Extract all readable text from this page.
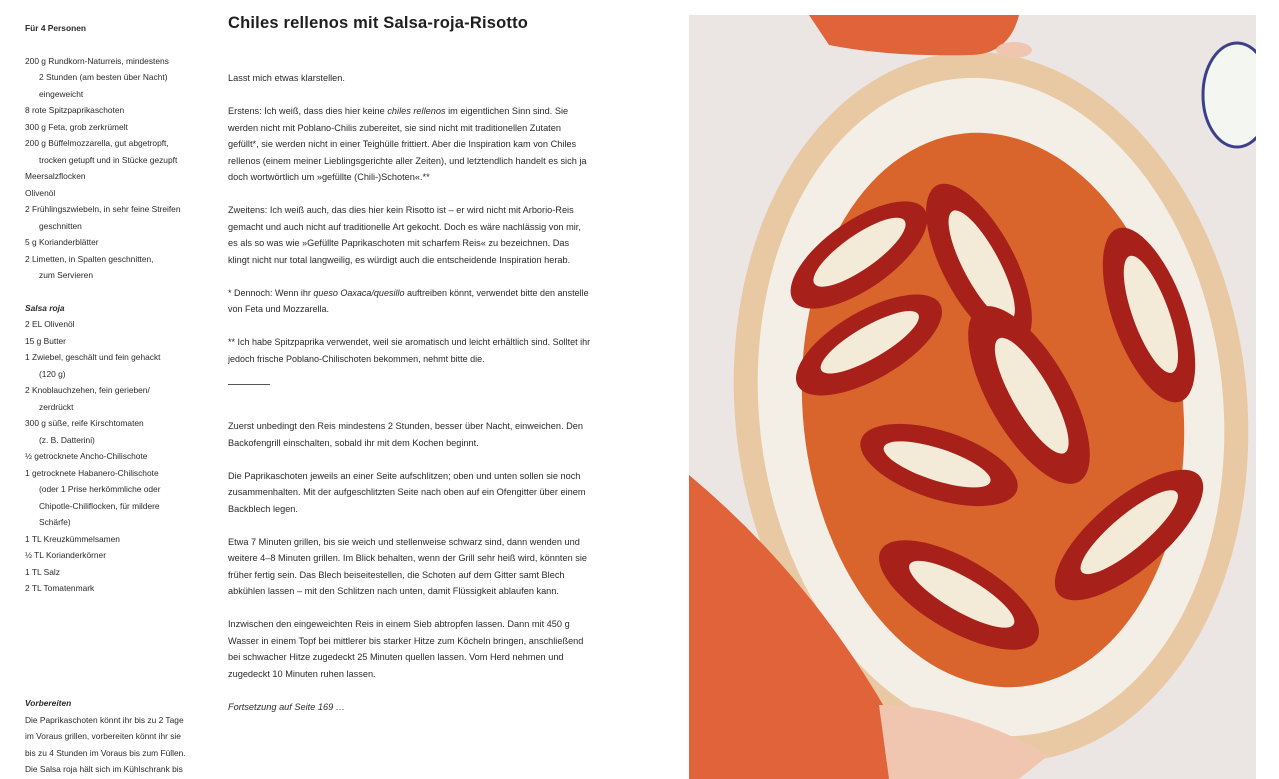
Für 4 Personen
200 g Rundkorn-Naturreis, mindestens
2 Stunden (am besten über Nacht)
eingeweicht
8 rote Spitzpaprikaschoten
300 g Feta, grob zerkrümelt
200 g Büffelmozzarella, gut abgetropft,
trocken getupft und in Stücke gezupft
Meersalzflocken
Olivenöl
2 Frühlingszwiebeln, in sehr feine Streifen
geschnitten
5 g Korianderblätter
2 Limetten, in Spalten geschnitten,
zum Servieren
Salsa roja
2 EL Olivenöl
15 g Butter
1 Zwiebel, geschält und fein gehackt
(120 g)
2 Knoblauchzehen, fein gerieben/
zerdrückt
300 g süße, reife Kirschtomaten
(z. B. Datterini)
½ getrocknete Ancho-Chilischote
1 getrocknete Habanero-Chilischote
(oder 1 Prise herkömmliche oder
Chipotle-Chiliflocken, für mildere
Schärfe)
1 TL Kreuzkümmelsamen
½ TL Korianderkörner
1 TL Salz
2 TL Tomatenmark
Vorbereiten
Die Paprikaschoten könnt ihr bis zu 2 Tage
im Voraus grillen, vorbereiten könnt ihr sie
bis zu 4 Stunden im Voraus bis zum Füllen.
Die Salsa roja hält sich im Kühlschrank bis
Chiles rellenos mit Salsa-roja-Risotto

Lasst mich etwas klarstellen.

Erstens: Ich weiß, dass dies hier keine chiles rellenos im eigentlichen Sinn sind. Sie werden nicht mit Poblano-Chilis zubereitet, sie sind nicht mit traditionellen Zutaten gefüllt*, sie werden nicht in einer Teighülle frittiert. Aber die Inspiration kam von Chiles rellenos (einem meiner Lieblingsgerichte aller Zeiten), und letztendlich handelt es sich ja doch wortwörtlich um »gefüllte (Chili-)Schoten«.**

Zweitens: Ich weiß auch, das dies hier kein Risotto ist – er wird nicht mit Arborio-Reis gemacht und auch nicht auf traditionelle Art gekocht. Doch es wäre nachlässig von mir, es als so was wie »Gefüllte Paprikaschoten mit scharfem Reis« zu bezeichnen. Das klingt nicht nur total langweilig, es würdigt auch die entscheidende Inspiration herab.

* Dennoch: Wenn ihr queso Oaxaca/quesillo auftreiben könnt, verwendet bitte den anstelle von Feta und Mozzarella.

** Ich habe Spitzpaprika verwendet, weil sie aromatisch und leicht erhältlich sind. Solltet ihr jedoch frische Poblano-Chilischoten bekommen, nehmt bitte die.

Zuerst unbedingt den Reis mindestens 2 Stunden, besser über Nacht, einweichen. Den Backofengrill einschalten, sobald ihr mit dem Kochen beginnt.

Die Paprikaschoten jeweils an einer Seite aufschlitzen; oben und unten sollen sie noch zusammenhalten. Mit der aufgeschlitzten Seite nach oben auf ein Ofengitter über einem Backblech legen.

Etwa 7 Minuten grillen, bis sie weich und stellenweise schwarz sind, dann wenden und weitere 4–8 Minuten grillen. Im Blick behalten, wenn der Grill sehr heiß wird, könnten sie früher fertig sein. Das Blech beiseitestellen, die Schoten auf dem Gitter samt Blech abkühlen lassen – mit den Schlitzen nach unten, damit Flüssigkeit ablaufen kann.

Inzwischen den eingeweichten Reis in einem Sieb abtropfen lassen. Dann mit 450 g Wasser in einem Topf bei mittlerer bis starker Hitze zum Köcheln bringen, anschließend bei schwacher Hitze zugedeckt 25 Minuten quellen lassen. Vom Herd nehmen und zugedeckt 10 Minuten ruhen lassen.

Fortsetzung auf Seite 169 …
